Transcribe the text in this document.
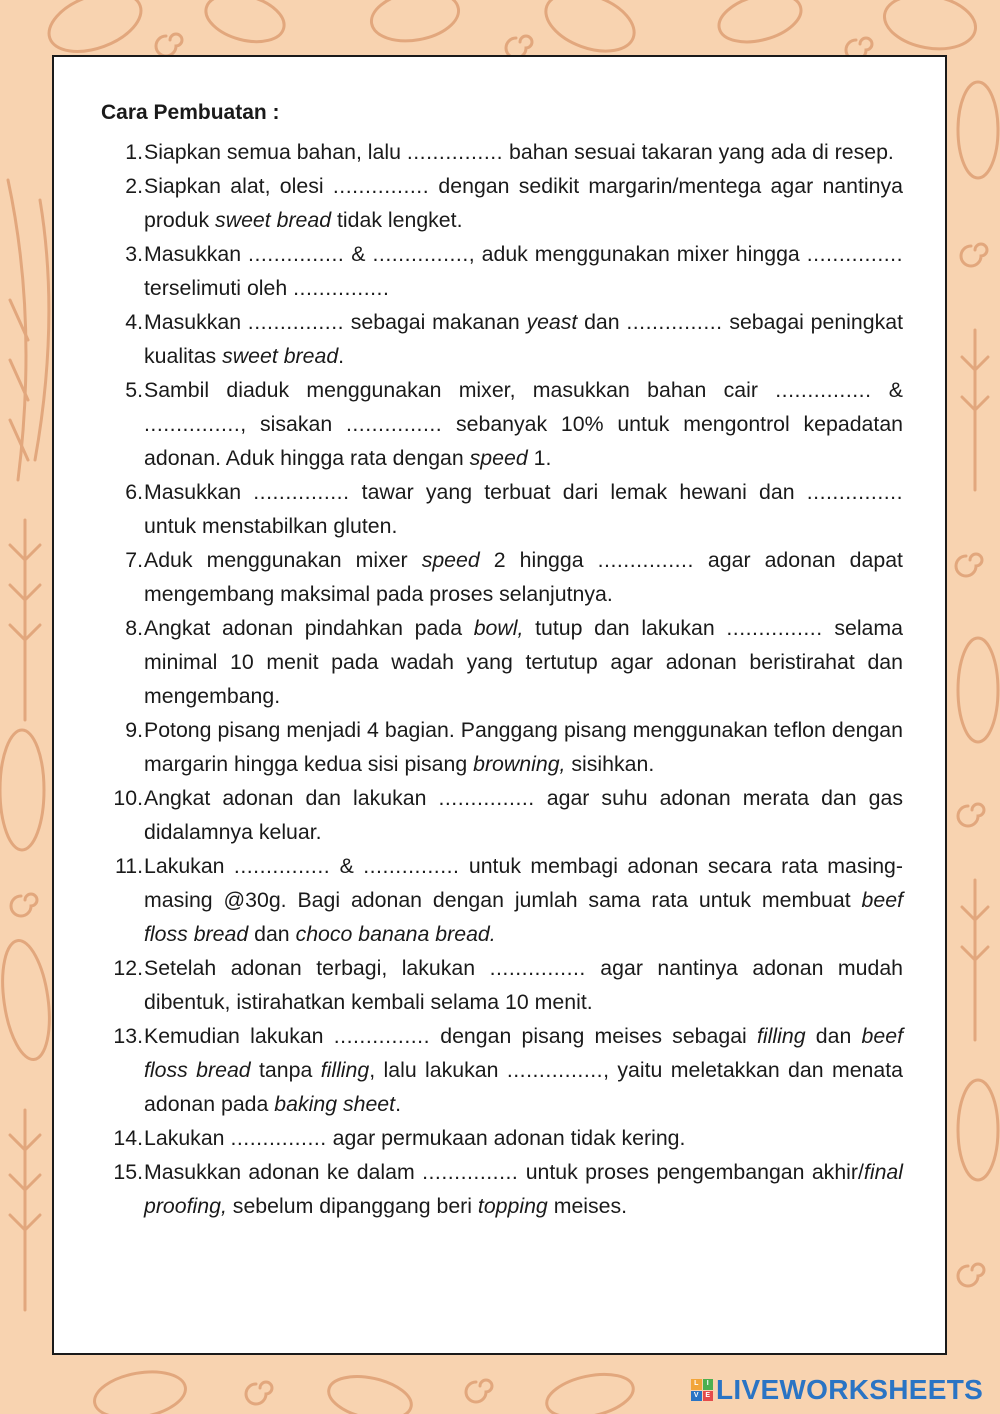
Cara Pembuatan :
1. Siapkan semua bahan, lalu ............... bahan sesuai takaran yang ada di resep.
2. Siapkan alat, olesi ............... dengan sedikit margarin/mentega agar nantinya produk sweet bread tidak lengket.
3. Masukkan ............... & ..............., aduk menggunakan mixer hingga ............... terselimuti oleh ...............
4. Masukkan ............... sebagai makanan yeast dan ............... sebagai peningkat kualitas sweet bread.
5. Sambil diaduk menggunakan mixer, masukkan bahan cair ............... & ..............., sisakan ............... sebanyak 10% untuk mengontrol kepadatan adonan. Aduk hingga rata dengan speed 1.
6. Masukkan ............... tawar yang terbuat dari lemak hewani dan ............... untuk menstabilkan gluten.
7. Aduk menggunakan mixer speed 2 hingga ............... agar adonan dapat mengembang maksimal pada proses selanjutnya.
8. Angkat adonan pindahkan pada bowl, tutup dan lakukan ............... selama minimal 10 menit pada wadah yang tertutup agar adonan beristirahat dan mengembang.
9. Potong pisang menjadi 4 bagian. Panggang pisang menggunakan teflon dengan margarin hingga kedua sisi pisang browning, sisihkan.
10. Angkat adonan dan lakukan ............... agar suhu adonan merata dan gas didalamnya keluar.
11. Lakukan ............... & ............... untuk membagi adonan secara rata masing-masing @30g. Bagi adonan dengan jumlah sama rata untuk membuat beef floss bread dan choco banana bread.
12. Setelah adonan terbagi, lakukan ............... agar nantinya adonan mudah dibentuk, istirahatkan kembali selama 10 menit.
13. Kemudian lakukan ............... dengan pisang meises sebagai filling dan beef floss bread tanpa filling, lalu lakukan ..............., yaitu meletakkan dan menata adonan pada baking sheet.
14. Lakukan ............... agar permukaan adonan tidak kering.
15. Masukkan adonan ke dalam ............... untuk proses pengembangan akhir/final proofing, sebelum dipanggang beri topping meises.
L	I
V E LIVEWORKSHEETS
